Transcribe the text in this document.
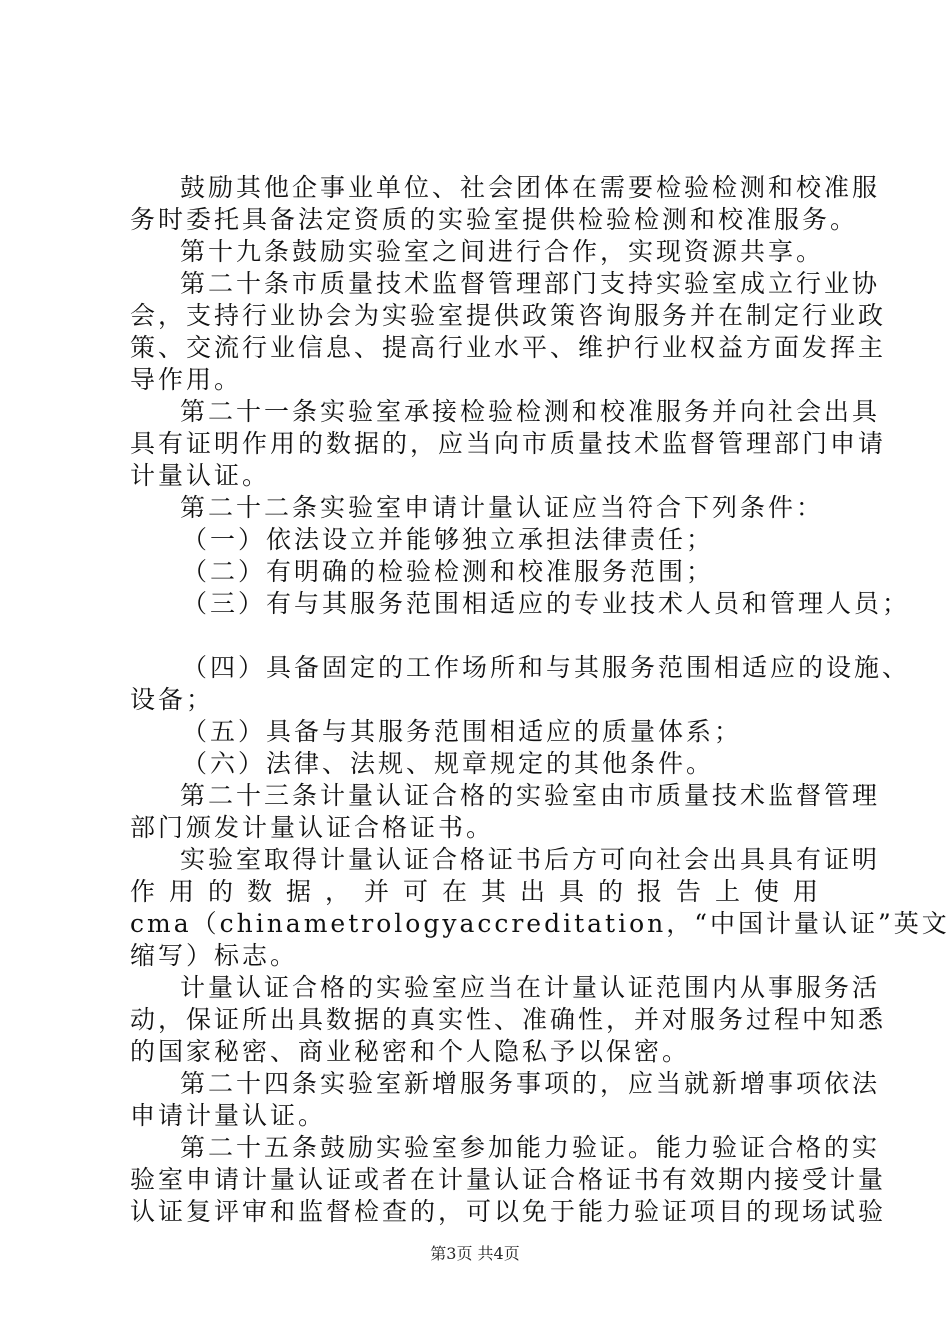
鼓励其他企事业单位、社会团体在需要检验检测和校准服
务时委托具备法定资质的实验室提供检验检测和校准服务。
第十九条鼓励实验室之间进行合作，实现资源共享。
第二十条市质量技术监督管理部门支持实验室成立行业协
会，支持行业协会为实验室提供政策咨询服务并在制定行业政
策、交流行业信息、提高行业水平、维护行业权益方面发挥主
导作用。
第二十一条实验室承接检验检测和校准服务并向社会出具
具有证明作用的数据的，应当向市质量技术监督管理部门申请
计量认证。
第二十二条实验室申请计量认证应当符合下列条件：
（一）依法设立并能够独立承担法律责任；
（二）有明确的检验检测和校准服务范围；
（三）有与其服务范围相适应的专业技术人员和管理人员；
（四）具备固定的工作场所和与其服务范围相适应的设施、
设备；
（五）具备与其服务范围相适应的质量体系；
（六）法律、法规、规章规定的其他条件。
第二十三条计量认证合格的实验室由市质量技术监督管理
部门颁发计量认证合格证书。
实验室取得计量认证合格证书后方可向社会出具具有证明
作用的数据，并可在其出具的报告上使用
cma（chinametrologyaccreditation，“中国计量认证”英文
缩写）标志。
计量认证合格的实验室应当在计量认证范围内从事服务活
动，保证所出具数据的真实性、准确性，并对服务过程中知悉
的国家秘密、商业秘密和个人隐私予以保密。
第二十四条实验室新增服务事项的，应当就新增事项依法
申请计量认证。
第二十五条鼓励实验室参加能力验证。能力验证合格的实
验室申请计量认证或者在计量认证合格证书有效期内接受计量
认证复评审和监督检查的，可以免于能力验证项目的现场试验
第3页 共4页
